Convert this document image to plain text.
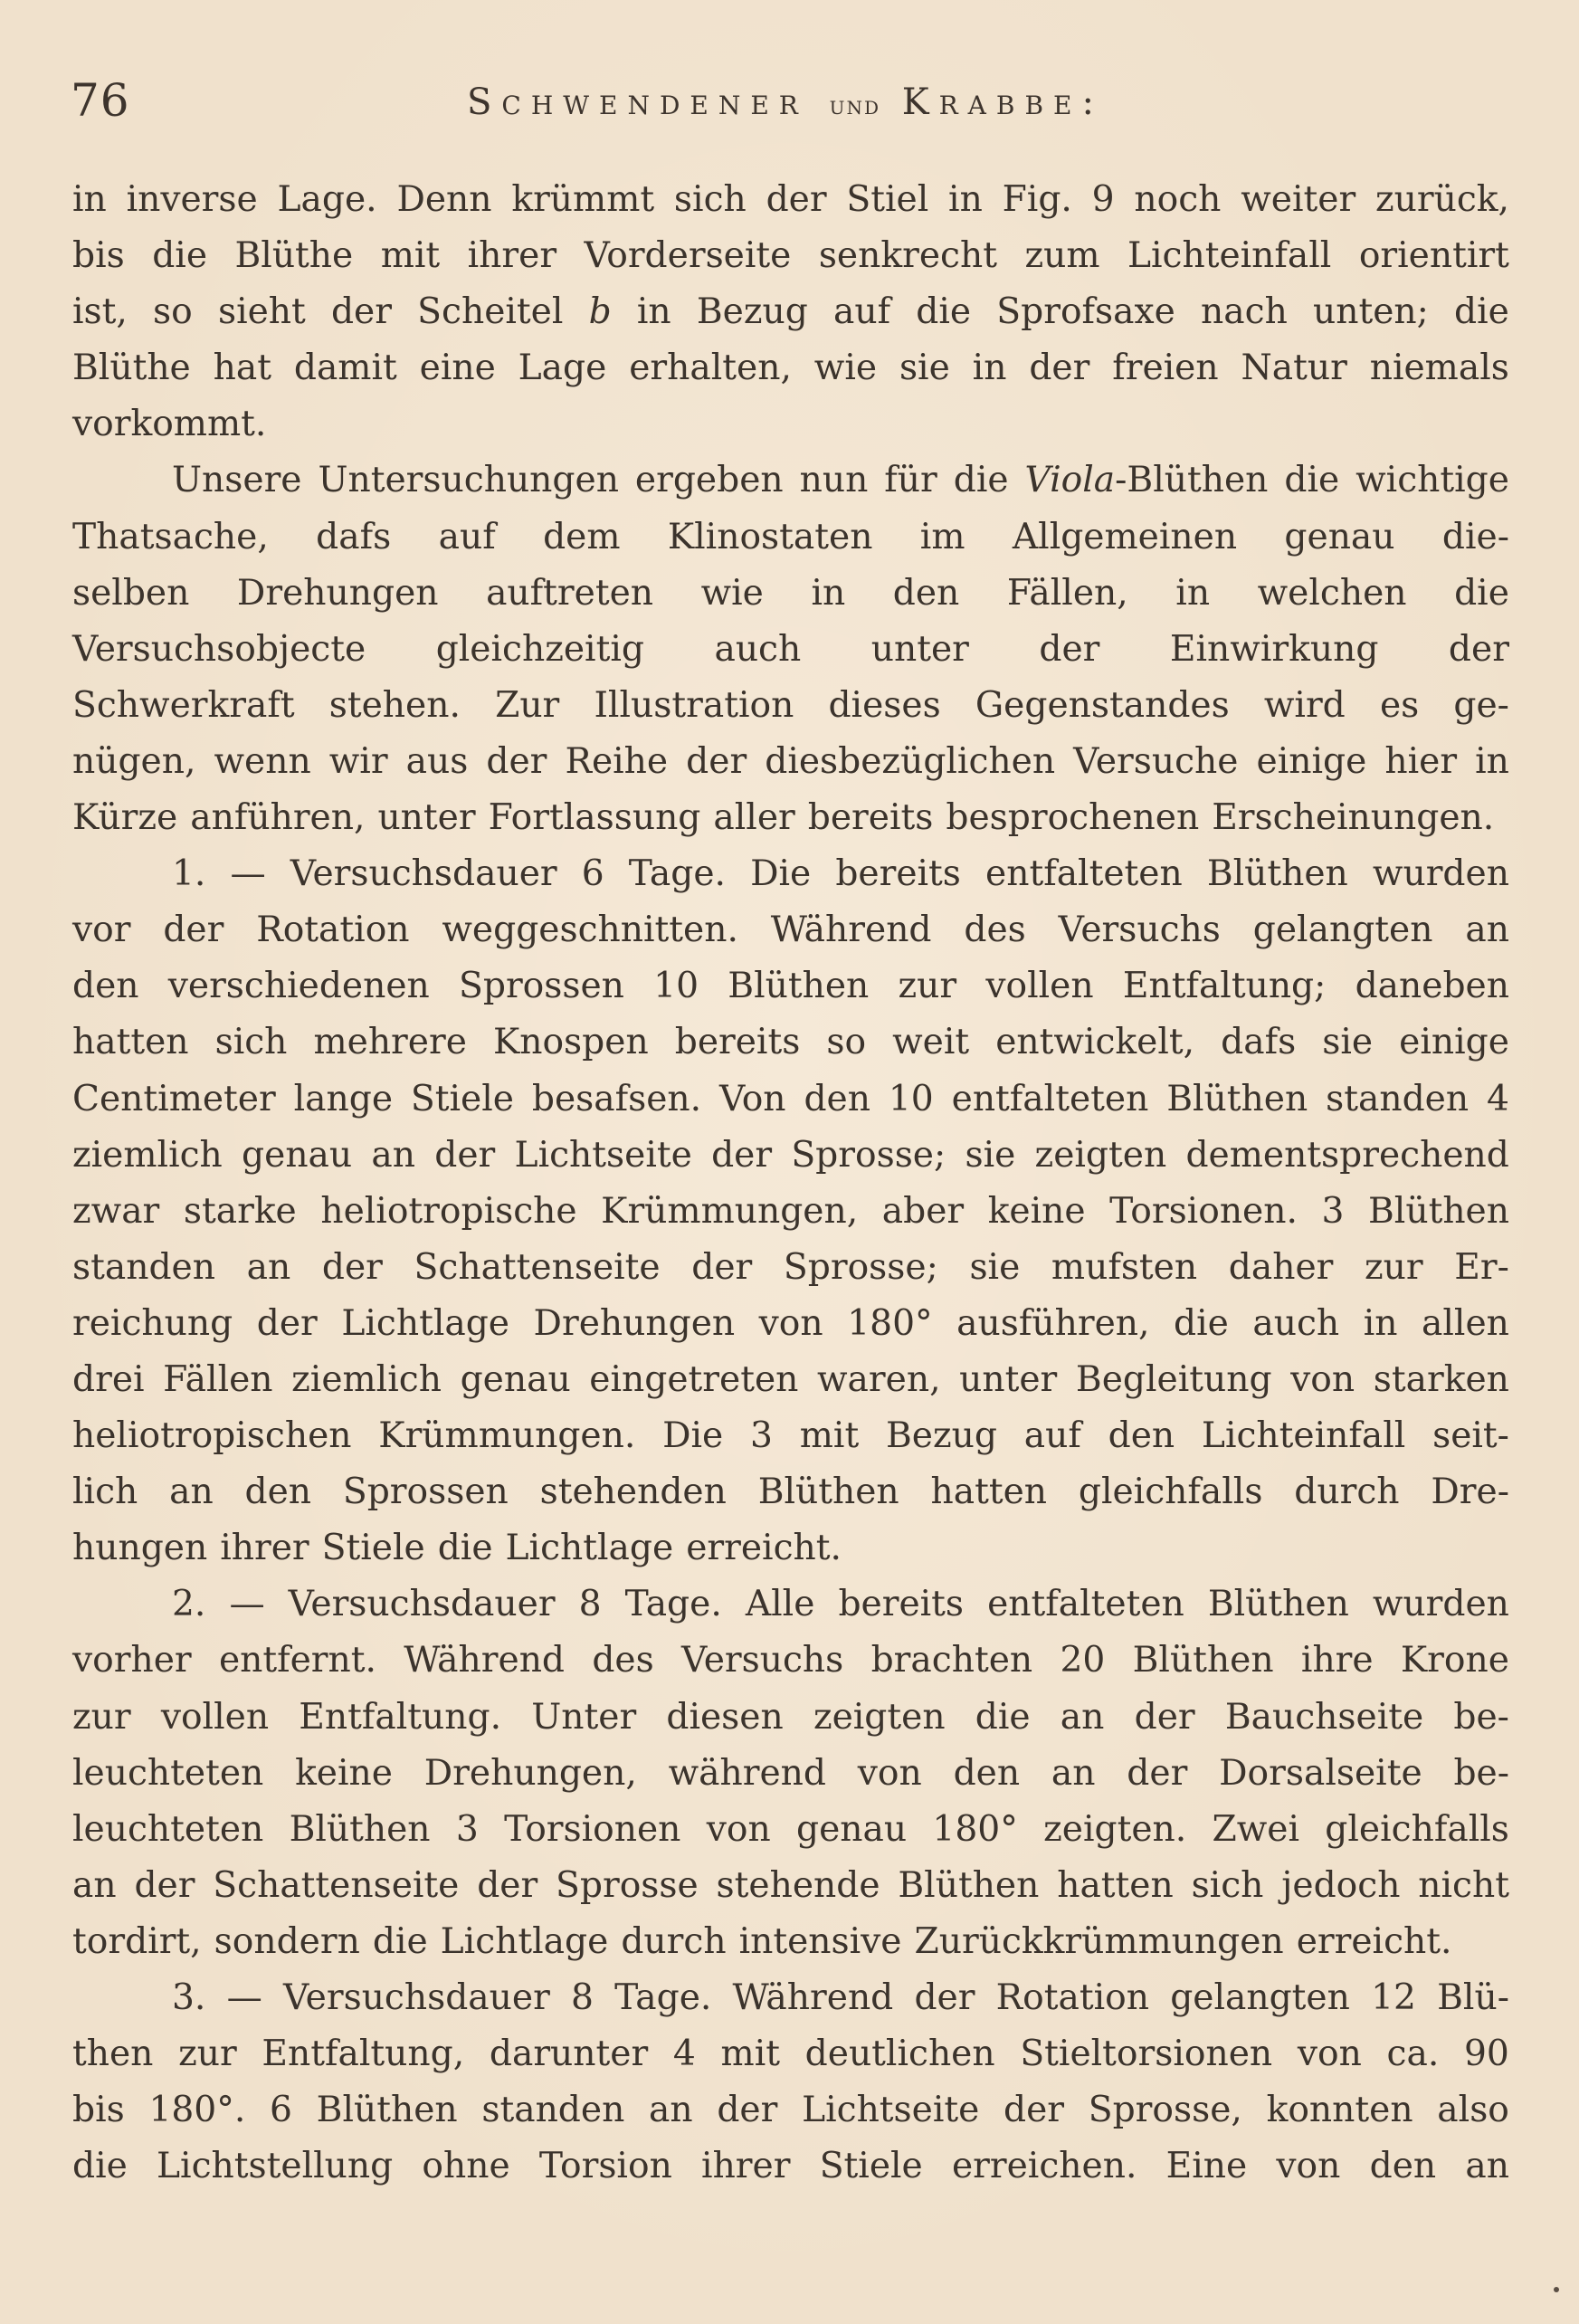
76	Schwendener und Krabbe:
in inverse Lage. Denn krümmt sich der Stiel in Fig. 9 noch weiter zurück,
bis die Blüthe mit ihrer Vorderseite senkrecht zum Lichteinfall orientirt
ist, so sieht der Scheitel b in Bezug auf die Sprofsaxe nach unten; die
Blüthe hat damit eine Lage erhalten, wie sie in der freien Natur niemals
vorkommt.
Unsere Untersuchungen ergeben nun für die Viola-Blüthen die wichtige
Thatsache, dafs auf dem Klinostaten im Allgemeinen genau die-
selben Drehungen auftreten wie in den Fällen, in welchen die
Versuchsobjecte gleichzeitig auch unter der Einwirkung der
Schwerkraft stehen. Zur Illustration dieses Gegenstandes wird es ge-
nügen, wenn wir aus der Reihe der diesbezüglichen Versuche einige hier in
Kürze anführen, unter Fortlassung aller bereits besprochenen Erscheinungen.
1. — Versuchsdauer 6 Tage. Die bereits entfalteten Blüthen wurden
vor der Rotation weggeschnitten. Während des Versuchs gelangten an
den verschiedenen Sprossen 10 Blüthen zur vollen Entfaltung; daneben
hatten sich mehrere Knospen bereits so weit entwickelt, dafs sie einige
Centimeter lange Stiele besafsen. Von den 10 entfalteten Blüthen standen 4
ziemlich genau an der Lichtseite der Sprosse; sie zeigten dementsprechend
zwar starke heliotropische Krümmungen, aber keine Torsionen. 3 Blüthen
standen an der Schattenseite der Sprosse; sie mufsten daher zur Er-
reichung der Lichtlage Drehungen von 180° ausführen, die auch in allen
drei Fällen ziemlich genau eingetreten waren, unter Begleitung von starken
heliotropischen Krümmungen. Die 3 mit Bezug auf den Lichteinfall seit-
lich an den Sprossen stehenden Blüthen hatten gleichfalls durch Dre-
hungen ihrer Stiele die Lichtlage erreicht.
2. — Versuchsdauer 8 Tage. Alle bereits entfalteten Blüthen wurden
vorher entfernt. Während des Versuchs brachten 20 Blüthen ihre Krone
zur vollen Entfaltung. Unter diesen zeigten die an der Bauchseite be-
leuchteten keine Drehungen, während von den an der Dorsalseite be-
leuchteten Blüthen 3 Torsionen von genau 180° zeigten. Zwei gleichfalls
an der Schattenseite der Sprosse stehende Blüthen hatten sich jedoch nicht
tordirt, sondern die Lichtlage durch intensive Zurückkrümmungen erreicht.
3. — Versuchsdauer 8 Tage. Während der Rotation gelangten 12 Blü-
then zur Entfaltung, darunter 4 mit deutlichen Stieltorsionen von ca. 90
bis 180°. 6 Blüthen standen an der Lichtseite der Sprosse, konnten also
die Lichtstellung ohne Torsion ihrer Stiele erreichen. Eine von den an
